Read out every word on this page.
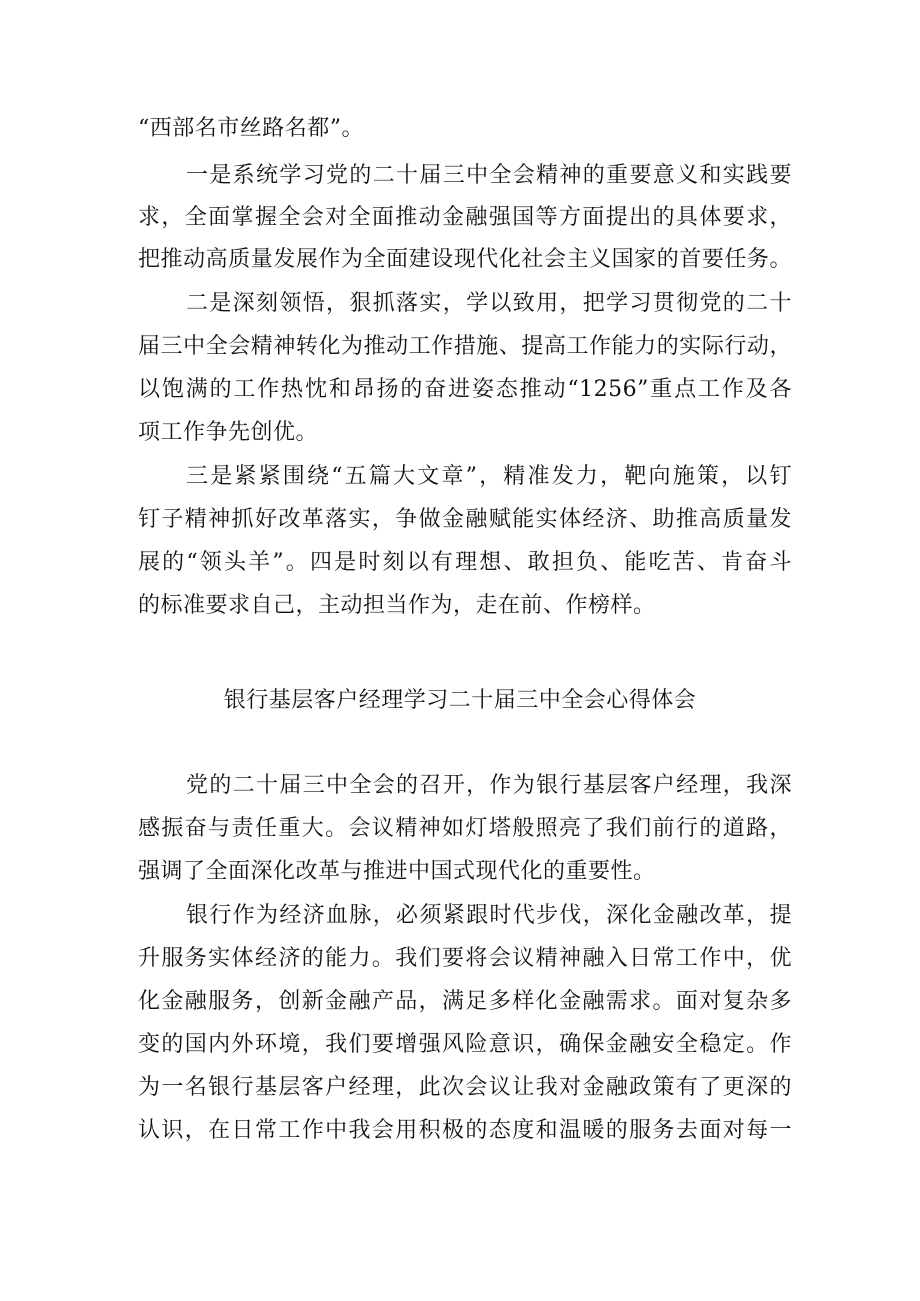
“西部名市丝路名都”。
一是系统学习党的二十届三中全会精神的重要意义和实践要
求，全面掌握全会对全面推动金融强国等方面提出的具体要求，
把推动高质量发展作为全面建设现代化社会主义国家的首要任务。
二是深刻领悟，狠抓落实，学以致用，把学习贯彻党的二十
届三中全会精神转化为推动工作措施、提高工作能力的实际行动，
以饱满的工作热忱和昂扬的奋进姿态推动“1256”重点工作及各
项工作争先创优。
三是紧紧围绕“五篇大文章”，精准发力，靶向施策，以钉
钉子精神抓好改革落实，争做金融赋能实体经济、助推高质量发
展的“领头羊”。四是时刻以有理想、敢担负、能吃苦、肯奋斗
的标准要求自己，主动担当作为，走在前、作榜样。
银行基层客户经理学习二十届三中全会心得体会
党的二十届三中全会的召开，作为银行基层客户经理，我深
感振奋与责任重大。会议精神如灯塔般照亮了我们前行的道路，
强调了全面深化改革与推进中国式现代化的重要性。
银行作为经济血脉，必须紧跟时代步伐，深化金融改革，提
升服务实体经济的能力。我们要将会议精神融入日常工作中，优
化金融服务，创新金融产品，满足多样化金融需求。面对复杂多
变的国内外环境，我们要增强风险意识，确保金融安全稳定。作
为一名银行基层客户经理，此次会议让我对金融政策有了更深的
认识，在日常工作中我会用积极的态度和温暖的服务去面对每一
